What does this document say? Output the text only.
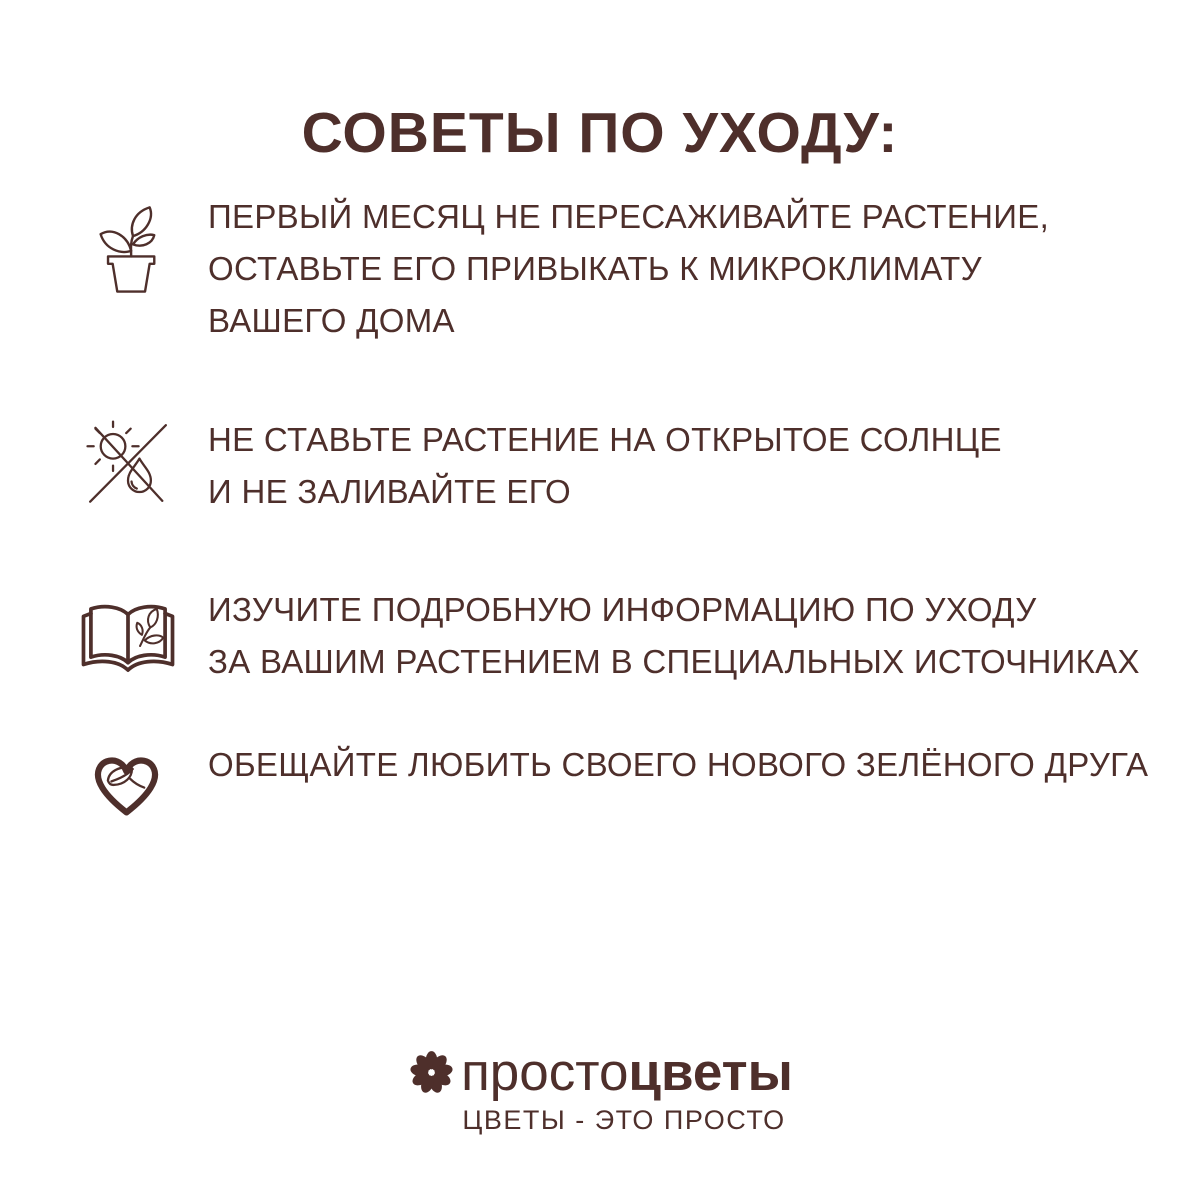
СОВЕТЫ ПО УХОДУ:
ПЕРВЫЙ МЕСЯЦ НЕ ПЕРЕСАЖИВАЙТЕ РАСТЕНИЕ,
ОСТАВЬТЕ ЕГО ПРИВЫКАТЬ К МИКРОКЛИМАТУ
ВАШЕГО ДОМА
НЕ СТАВЬТЕ РАСТЕНИЕ НА ОТКРЫТОЕ СОЛНЦЕ
И НЕ ЗАЛИВАЙТЕ ЕГО
ИЗУЧИТЕ ПОДРОБНУЮ ИНФОРМАЦИЮ ПО УХОДУ
ЗА ВАШИМ РАСТЕНИЕМ В СПЕЦИАЛЬНЫХ ИСТОЧНИКАХ
ОБЕЩАЙТЕ ЛЮБИТЬ СВОЕГО НОВОГО ЗЕЛЁНОГО ДРУГА
простоцветы
ЦВЕТЫ - ЭТО ПРОСТО
